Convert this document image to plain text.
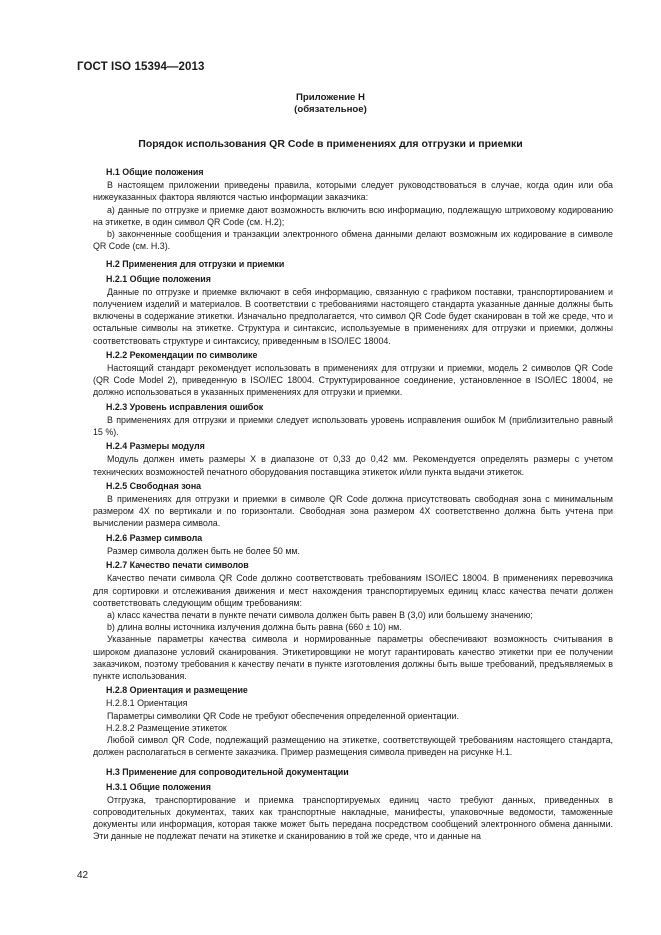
ГОСТ ISO 15394—2013
Приложение Н
(обязательное)
Порядок использования QR Code в применениях для отгрузки и приемки
Н.1 Общие положения

В настоящем приложении приведены правила, которыми следует руководствоваться в случае, когда один или оба нижеуказанных фактора являются частью информации заказчика:

а) данные по отгрузке и приемке дают возможность включить всю информацию, подлежащую штриховому кодированию на этикетке, в один символ QR Code (см. Н.2);

b) законченные сообщения и транзакции электронного обмена данными делают возможным их кодирование в символе QR Code (см. Н.3).

Н.2 Применения для отгрузки и приемки
Н.2.1 Общие положения

Данные по отгрузке и приемке включают в себя информацию, связанную с графиком поставки, транспортированием и получением изделий и материалов. В соответствии с требованиями настоящего стандарта указанные данные должны быть включены в содержание этикетки. Изначально предполагается, что символ QR Code будет сканирован в той же среде, что и остальные символы на этикетке. Структура и синтаксис, используемые в применениях для отгрузки и приемки, должны соответствовать структуре и синтаксису, приведенным в ISO/IEC 18004.

Н.2.2 Рекомендации по символике

Настоящий стандарт рекомендует использовать в применениях для отгрузки и приемки, модель 2 символов QR Code (QR Code Model 2), приведенную в ISO/IEC 18004. Структурированное соединение, установленное в ISO/IEC 18004, не должно использоваться в указанных применениях для отгрузки и приемки.

Н.2.3 Уровень исправления ошибок

В применениях для отгрузки и приемки следует использовать уровень исправления ошибок М (приблизительно равный 15 %).

Н.2.4 Размеры модуля

Модуль должен иметь размеры X в диапазоне от 0,33 до 0,42 мм. Рекомендуется определять размеры с учетом технических возможностей печатного оборудования поставщика этикеток и/или пункта выдачи этикеток.

Н.2.5 Свободная зона

В применениях для отгрузки и приемки в символе QR Code должна присутствовать свободная зона с минимальным размером 4X по вертикали и по горизонтали. Свободная зона размером 4X соответственно должна быть учтена при вычислении размера символа.

Н.2.6 Размер символа

Размер символа должен быть не более 50 мм.

Н.2.7 Качество печати символов

Качество печати символа QR Code должно соответствовать требованиям ISO/IEC 18004. В применениях перевозчика для сортировки и отслеживания движения и мест нахождения транспортируемых единиц класс качества печати должен соответствовать следующим общим требованиям:

а) класс качества печати в пункте печати символа должен быть равен В (3,0) или большему значению;

b) длина волны источника излучения должна быть равна (660 ± 10) нм.

Указанные параметры качества символа и нормированные параметры обеспечивают возможность считывания в широком диапазоне условий сканирования. Этикетировщики не могут гарантировать качество этикетки при ее получении заказчиком, поэтому требования к качеству печати в пункте изготовления должны быть выше требований, предъявляемых в пункте использования.

Н.2.8 Ориентация и размещение
Н.2.8.1 Ориентация

Параметры символики QR Code не требуют обеспечения определенной ориентации.

Н.2.8.2 Размещение этикеток

Любой символ QR Code, подлежащий размещению на этикетке, соответствующей требованиям настоящего стандарта, должен располагаться в сегменте заказчика. Пример размещения символа приведен на рисунке Н.1.

Н.3 Применение для сопроводительной документации
Н.3.1 Общие положения

Отгрузка, транспортирование и приемка транспортируемых единиц часто требуют данных, приведенных в сопроводительных документах, таких как транспортные накладные, манифесты, упаковочные ведомости, таможенные документы или информация, которая также может быть передана посредством сообщений электронного обмена данными. Эти данные не подлежат печати на этикетке и сканированию в той же среде, что и данные на

42
